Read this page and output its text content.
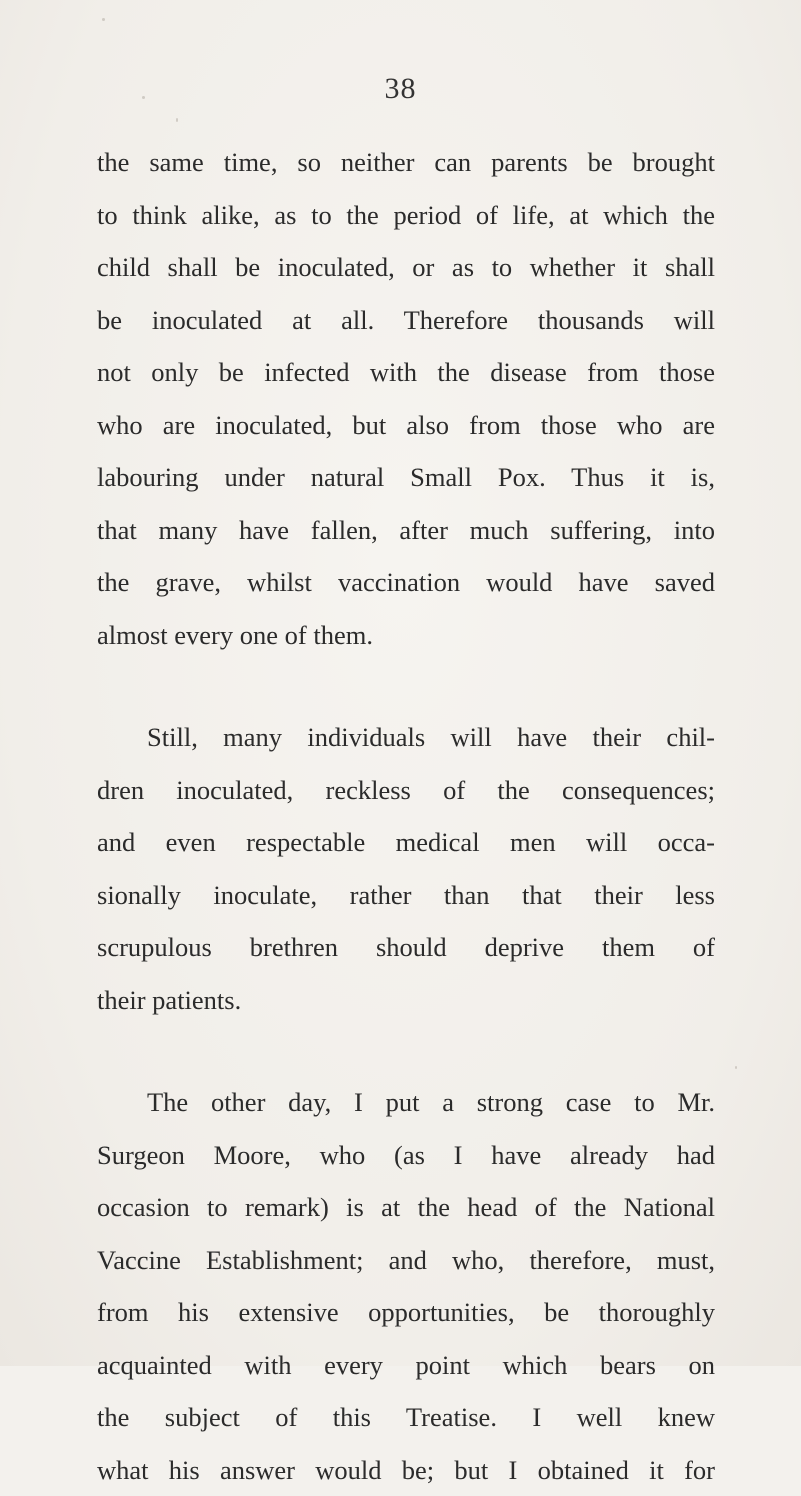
38
the same time, so neither can parents be brought
to think alike, as to the period of life, at which the
child shall be inoculated, or as to whether it shall
be inoculated at all. Therefore thousands will
not only be infected with the disease from those
who are inoculated, but also from those who are
labouring under natural Small Pox. Thus it is,
that many have fallen, after much suffering, into
the grave, whilst vaccination would have saved
almost every one of them.
Still, many individuals will have their chil-
dren inoculated, reckless of the consequences;
and even respectable medical men will occa-
sionally inoculate, rather than that their less
scrupulous brethren should deprive them of
their patients.
The other day, I put a strong case to Mr.
Surgeon Moore, who (as I have already had
occasion to remark) is at the head of the National
Vaccine Establishment; and who, therefore, must,
from his extensive opportunities, be thoroughly
acquainted with every point which bears on
the subject of this Treatise. I well knew
what his answer would be; but I obtained it for
